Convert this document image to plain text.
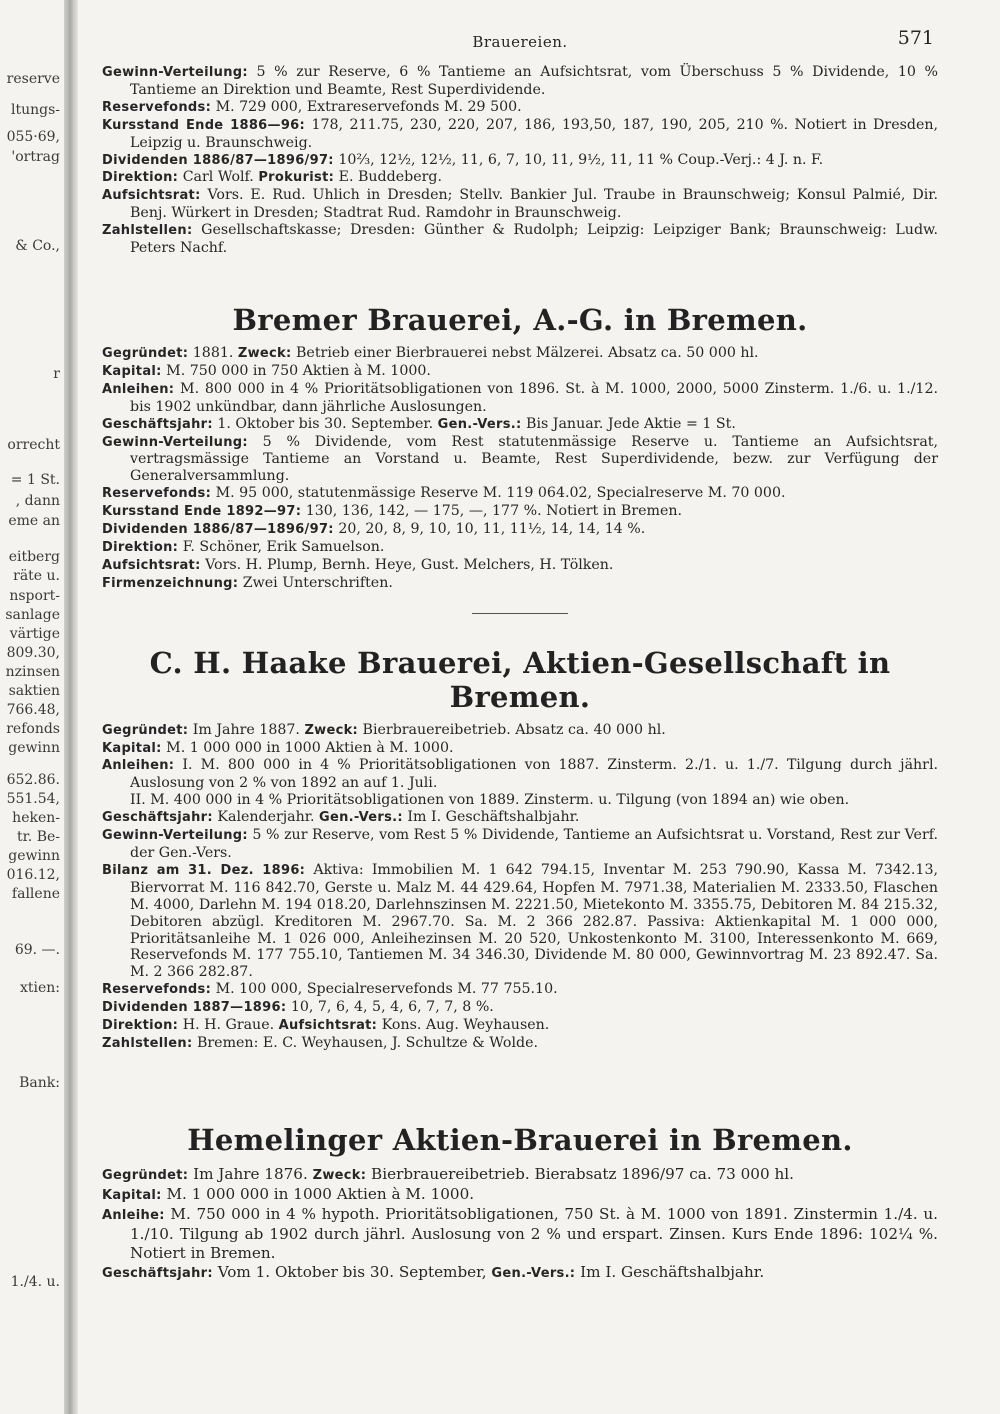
reserve
ltungs-
055·69,
'ortrag
& Co.,
r
orrecht
= 1 St.
, dann
eme an
eitberg
räte u.
nsport-
sanlage
värtige
809.30,
nzinsen
saktien
766.48,
refonds
gewinn
652.86.
551.54,
heken-
tr. Be-
gewinn
016.12,
fallene
69. —.
xtien:
Bank:
1./4. u.
Brauereien.	571

Gewinn-Verteilung: 5 % zur Reserve, 6 % Tantieme an Aufsichtsrat, vom Überschuss 5 % Dividende, 10 % Tantieme an Direktion und Beamte, Rest Superdividende.

Reservefonds: M. 729 000, Extrareservefonds M. 29 500.

Kursstand Ende 1886—96: 178, 211.75, 230, 220, 207, 186, 193,50, 187, 190, 205, 210 %. Notiert in Dresden, Leipzig u. Braunschweig.

Dividenden 1886/87—1896/97: 10⅔, 12½, 12½, 11, 6, 7, 10, 11, 9½, 11, 11 % Coup.-Verj.: 4 J. n. F.

Direktion: Carl Wolf. Prokurist: E. Buddeberg.

Aufsichtsrat: Vors. E. Rud. Uhlich in Dresden; Stellv. Bankier Jul. Traube in Braunschweig; Konsul Palmié, Dir. Benj. Würkert in Dresden; Stadtrat Rud. Ramdohr in Braunschweig.

Zahlstellen: Gesellschaftskasse; Dresden: Günther & Rudolph; Leipzig: Leipziger Bank; Braunschweig: Ludw. Peters Nachf.

Bremer Brauerei, A.-G. in Bremen.

Gegründet: 1881. Zweck: Betrieb einer Bierbrauerei nebst Mälzerei. Absatz ca. 50 000 hl.

Kapital: M. 750 000 in 750 Aktien à M. 1000.

Anleihen: M. 800 000 in 4 % Prioritätsobligationen von 1896. St. à M. 1000, 2000, 5000 Zinsterm. 1./6. u. 1./12. bis 1902 unkündbar, dann jährliche Auslosungen.

Geschäftsjahr: 1. Oktober bis 30. September. Gen.-Vers.: Bis Januar. Jede Aktie = 1 St.

Gewinn-Verteilung: 5 % Dividende, vom Rest statutenmässige Reserve u. Tantieme an Aufsichtsrat, vertragsmässige Tantieme an Vorstand u. Beamte, Rest Superdividende, bezw. zur Verfügung der Generalversammlung.

Reservefonds: M. 95 000, statutenmässige Reserve M. 119 064.02, Specialreserve M. 70 000.

Kursstand Ende 1892—97: 130, 136, 142, — 175, —, 177 %. Notiert in Bremen.

Dividenden 1886/87—1896/97: 20, 20, 8, 9, 10, 10, 11, 11½, 14, 14, 14 %.

Direktion: F. Schöner, Erik Samuelson.

Aufsichtsrat: Vors. H. Plump, Bernh. Heye, Gust. Melchers, H. Tölken.

Firmenzeichnung: Zwei Unterschriften.

C. H. Haake Brauerei, Aktien-Gesellschaft in Bremen.

Gegründet: Im Jahre 1887. Zweck: Bierbrauereibetrieb. Absatz ca. 40 000 hl.

Kapital: M. 1 000 000 in 1000 Aktien à M. 1000.

Anleihen: I. M. 800 000 in 4 % Prioritätsobligationen von 1887. Zinsterm. 2./1. u. 1./7. Tilgung durch jährl. Auslosung von 2 % von 1892 an auf 1. Juli.

II. M. 400 000 in 4 % Prioritätsobligationen von 1889. Zinsterm. u. Tilgung (von 1894 an) wie oben.

Geschäftsjahr: Kalenderjahr. Gen.-Vers.: Im I. Geschäftshalbjahr.

Gewinn-Verteilung: 5 % zur Reserve, vom Rest 5 % Dividende, Tantieme an Aufsichtsrat u. Vorstand, Rest zur Verf. der Gen.-Vers.

Bilanz am 31. Dez. 1896: Aktiva: Immobilien M. 1 642 794.15, Inventar M. 253 790.90, Kassa M. 7342.13, Biervorrat M. 116 842.70, Gerste u. Malz M. 44 429.64, Hopfen M. 7971.38, Materialien M. 2333.50, Flaschen M. 4000, Darlehn M. 194 018.20, Darlehnszinsen M. 2221.50, Mietekonto M. 3355.75, Debitoren M. 84 215.32, Debitoren abzügl. Kreditoren M. 2967.70. Sa. M. 2 366 282.87. Passiva: Aktienkapital M. 1 000 000, Prioritätsanleihe M. 1 026 000, Anleihezinsen M. 20 520, Unkostenkonto M. 3100, Interessenkonto M. 669, Reservefonds M. 177 755.10, Tantiemen M. 34 346.30, Dividende M. 80 000, Gewinnvortrag M. 23 892.47. Sa. M. 2 366 282.87.

Reservefonds: M. 100 000, Specialreservefonds M. 77 755.10.

Dividenden 1887—1896: 10, 7, 6, 4, 5, 4, 6, 7, 7, 8 %.

Direktion: H. H. Graue. Aufsichtsrat: Kons. Aug. Weyhausen.

Zahlstellen: Bremen: E. C. Weyhausen, J. Schultze & Wolde.

Hemelinger Aktien-Brauerei in Bremen.

Gegründet: Im Jahre 1876. Zweck: Bierbrauereibetrieb. Bierabsatz 1896/97 ca. 73 000 hl.

Kapital: M. 1 000 000 in 1000 Aktien à M. 1000.

Anleihe: M. 750 000 in 4 % hypoth. Prioritätsobligationen, 750 St. à M. 1000 von 1891. Zinstermin 1./4. u. 1./10. Tilgung ab 1902 durch jährl. Auslosung von 2 % und erspart. Zinsen. Kurs Ende 1896: 102¼ %. Notiert in Bremen.

Geschäftsjahr: Vom 1. Oktober bis 30. September, Gen.-Vers.: Im I. Geschäftshalbjahr.
